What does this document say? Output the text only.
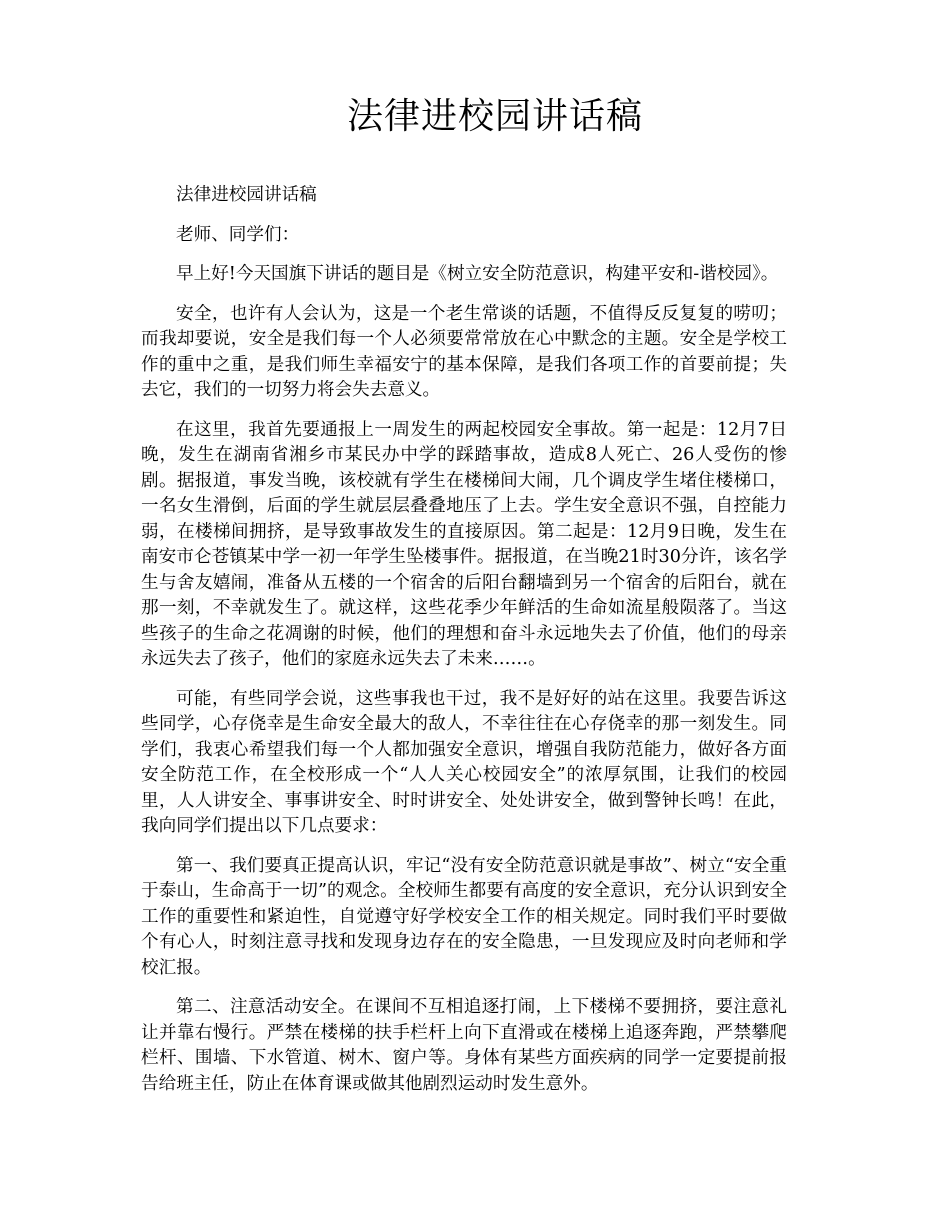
法律进校园讲话稿

法律进校园讲话稿

老师、同学们：

早上好!今天国旗下讲话的题目是《树立安全防范意识，构建平安和-谐校园》。

安全，也许有人会认为，这是一个老生常谈的话题，不值得反反复复的唠叨；而我却要说，安全是我们每一个人必须要常常放在心中默念的主题。安全是学校工作的重中之重，是我们师生幸福安宁的基本保障，是我们各项工作的首要前提；失去它，我们的一切努力将会失去意义。

在这里，我首先要通报上一周发生的两起校园安全事故。第一起是：12月7日晚，发生在湖南省湘乡市某民办中学的踩踏事故，造成8人死亡、26人受伤的惨剧。据报道，事发当晚，该校就有学生在楼梯间大闹，几个调皮学生堵住楼梯口，一名女生滑倒，后面的学生就层层叠叠地压了上去。学生安全意识不强，自控能力弱，在楼梯间拥挤，是导致事故发生的直接原因。第二起是：12月9日晚，发生在南安市仑苍镇某中学一初一年学生坠楼事件。据报道，在当晚21时30分许，该名学生与舍友嬉闹，准备从五楼的一个宿舍的后阳台翻墙到另一个宿舍的后阳台，就在那一刻，不幸就发生了。就这样，这些花季少年鲜活的生命如流星般陨落了。当这些孩子的生命之花凋谢的时候，他们的理想和奋斗永远地失去了价值，他们的母亲永远失去了孩子，他们的家庭永远失去了未来……。

可能，有些同学会说，这些事我也干过，我不是好好的站在这里。我要告诉这些同学，心存侥幸是生命安全最大的敌人，不幸往往在心存侥幸的那一刻发生。同学们，我衷心希望我们每一个人都加强安全意识，增强自我防范能力，做好各方面安全防范工作，在全校形成一个“人人关心校园安全”的浓厚氛围，让我们的校园里，人人讲安全、事事讲安全、时时讲安全、处处讲安全，做到警钟长鸣！在此，我向同学们提出以下几点要求：

第一、我们要真正提高认识，牢记“没有安全防范意识就是事故”、树立“安全重于泰山，生命高于一切”的观念。全校师生都要有高度的安全意识，充分认识到安全工作的重要性和紧迫性，自觉遵守好学校安全工作的相关规定。同时我们平时要做个有心人，时刻注意寻找和发现身边存在的安全隐患，一旦发现应及时向老师和学校汇报。

第二、注意活动安全。在课间不互相追逐打闹，上下楼梯不要拥挤，要注意礼让并靠右慢行。严禁在楼梯的扶手栏杆上向下直滑或在楼梯上追逐奔跑，严禁攀爬栏杆、围墙、下水管道、树木、窗户等。身体有某些方面疾病的同学一定要提前报告给班主任，防止在体育课或做其他剧烈运动时发生意外。
